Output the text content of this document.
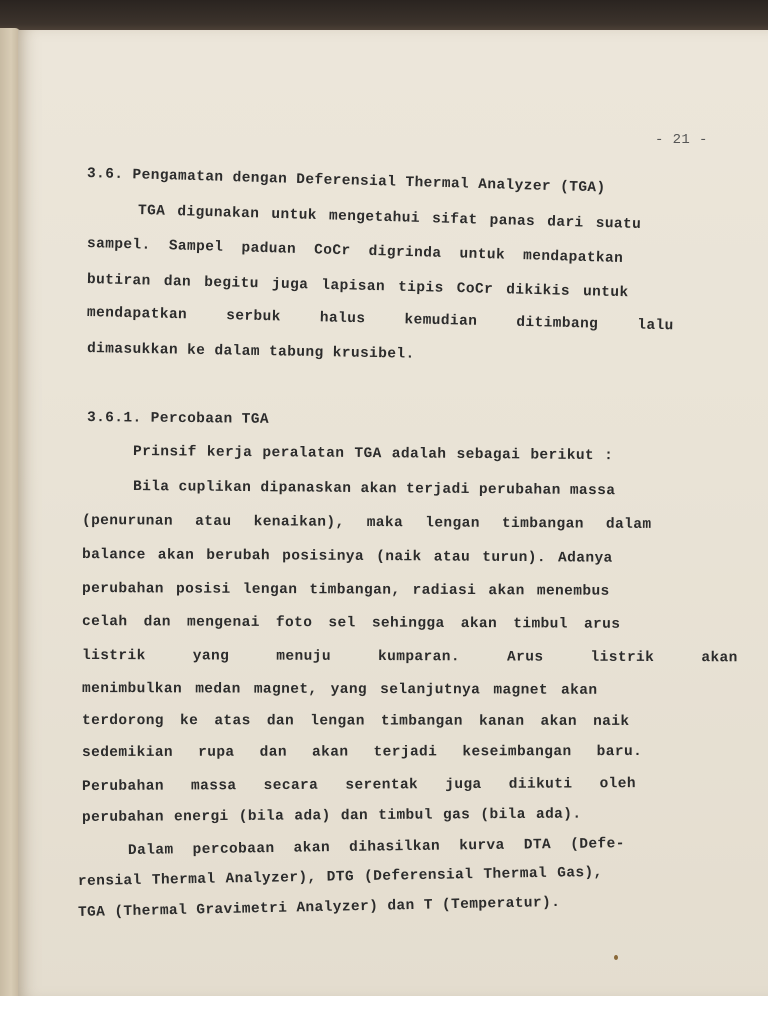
- 21 -
3.6. Pengamatan dengan Deferensial Thermal Analyzer (TGA)
TGA digunakan untuk mengetahui sifat panas dari suatu
sampel. Sampel paduan CoCr digrinda untuk mendapatkan
butiran dan begitu juga lapisan tipis CoCr dikikis untuk
mendapatkan serbuk halus kemudian ditimbang lalu
dimasukkan ke dalam tabung krusibel.
3.6.1. Percobaan TGA
Prinsif kerja peralatan TGA adalah sebagai berikut :
Bila cuplikan dipanaskan akan terjadi perubahan massa
(penurunan atau kenaikan), maka lengan timbangan dalam
balance akan berubah posisinya (naik atau turun). Adanya
perubahan posisi lengan timbangan, radiasi akan menembus
celah dan mengenai foto sel sehingga akan timbul arus
listrik yang menuju kumparan. Arus listrik akan
menimbulkan medan magnet, yang selanjutnya magnet akan
terdorong ke atas dan lengan timbangan kanan akan naik
sedemikian rupa dan akan terjadi keseimbangan baru.
Perubahan massa secara serentak juga diikuti oleh
perubahan energi (bila ada) dan timbul gas (bila ada).
Dalam percobaan akan dihasilkan kurva DTA (Defe-
rensial Thermal Analyzer), DTG (Deferensial Thermal Gas),
TGA (Thermal Gravimetri Analyzer) dan T (Temperatur).
